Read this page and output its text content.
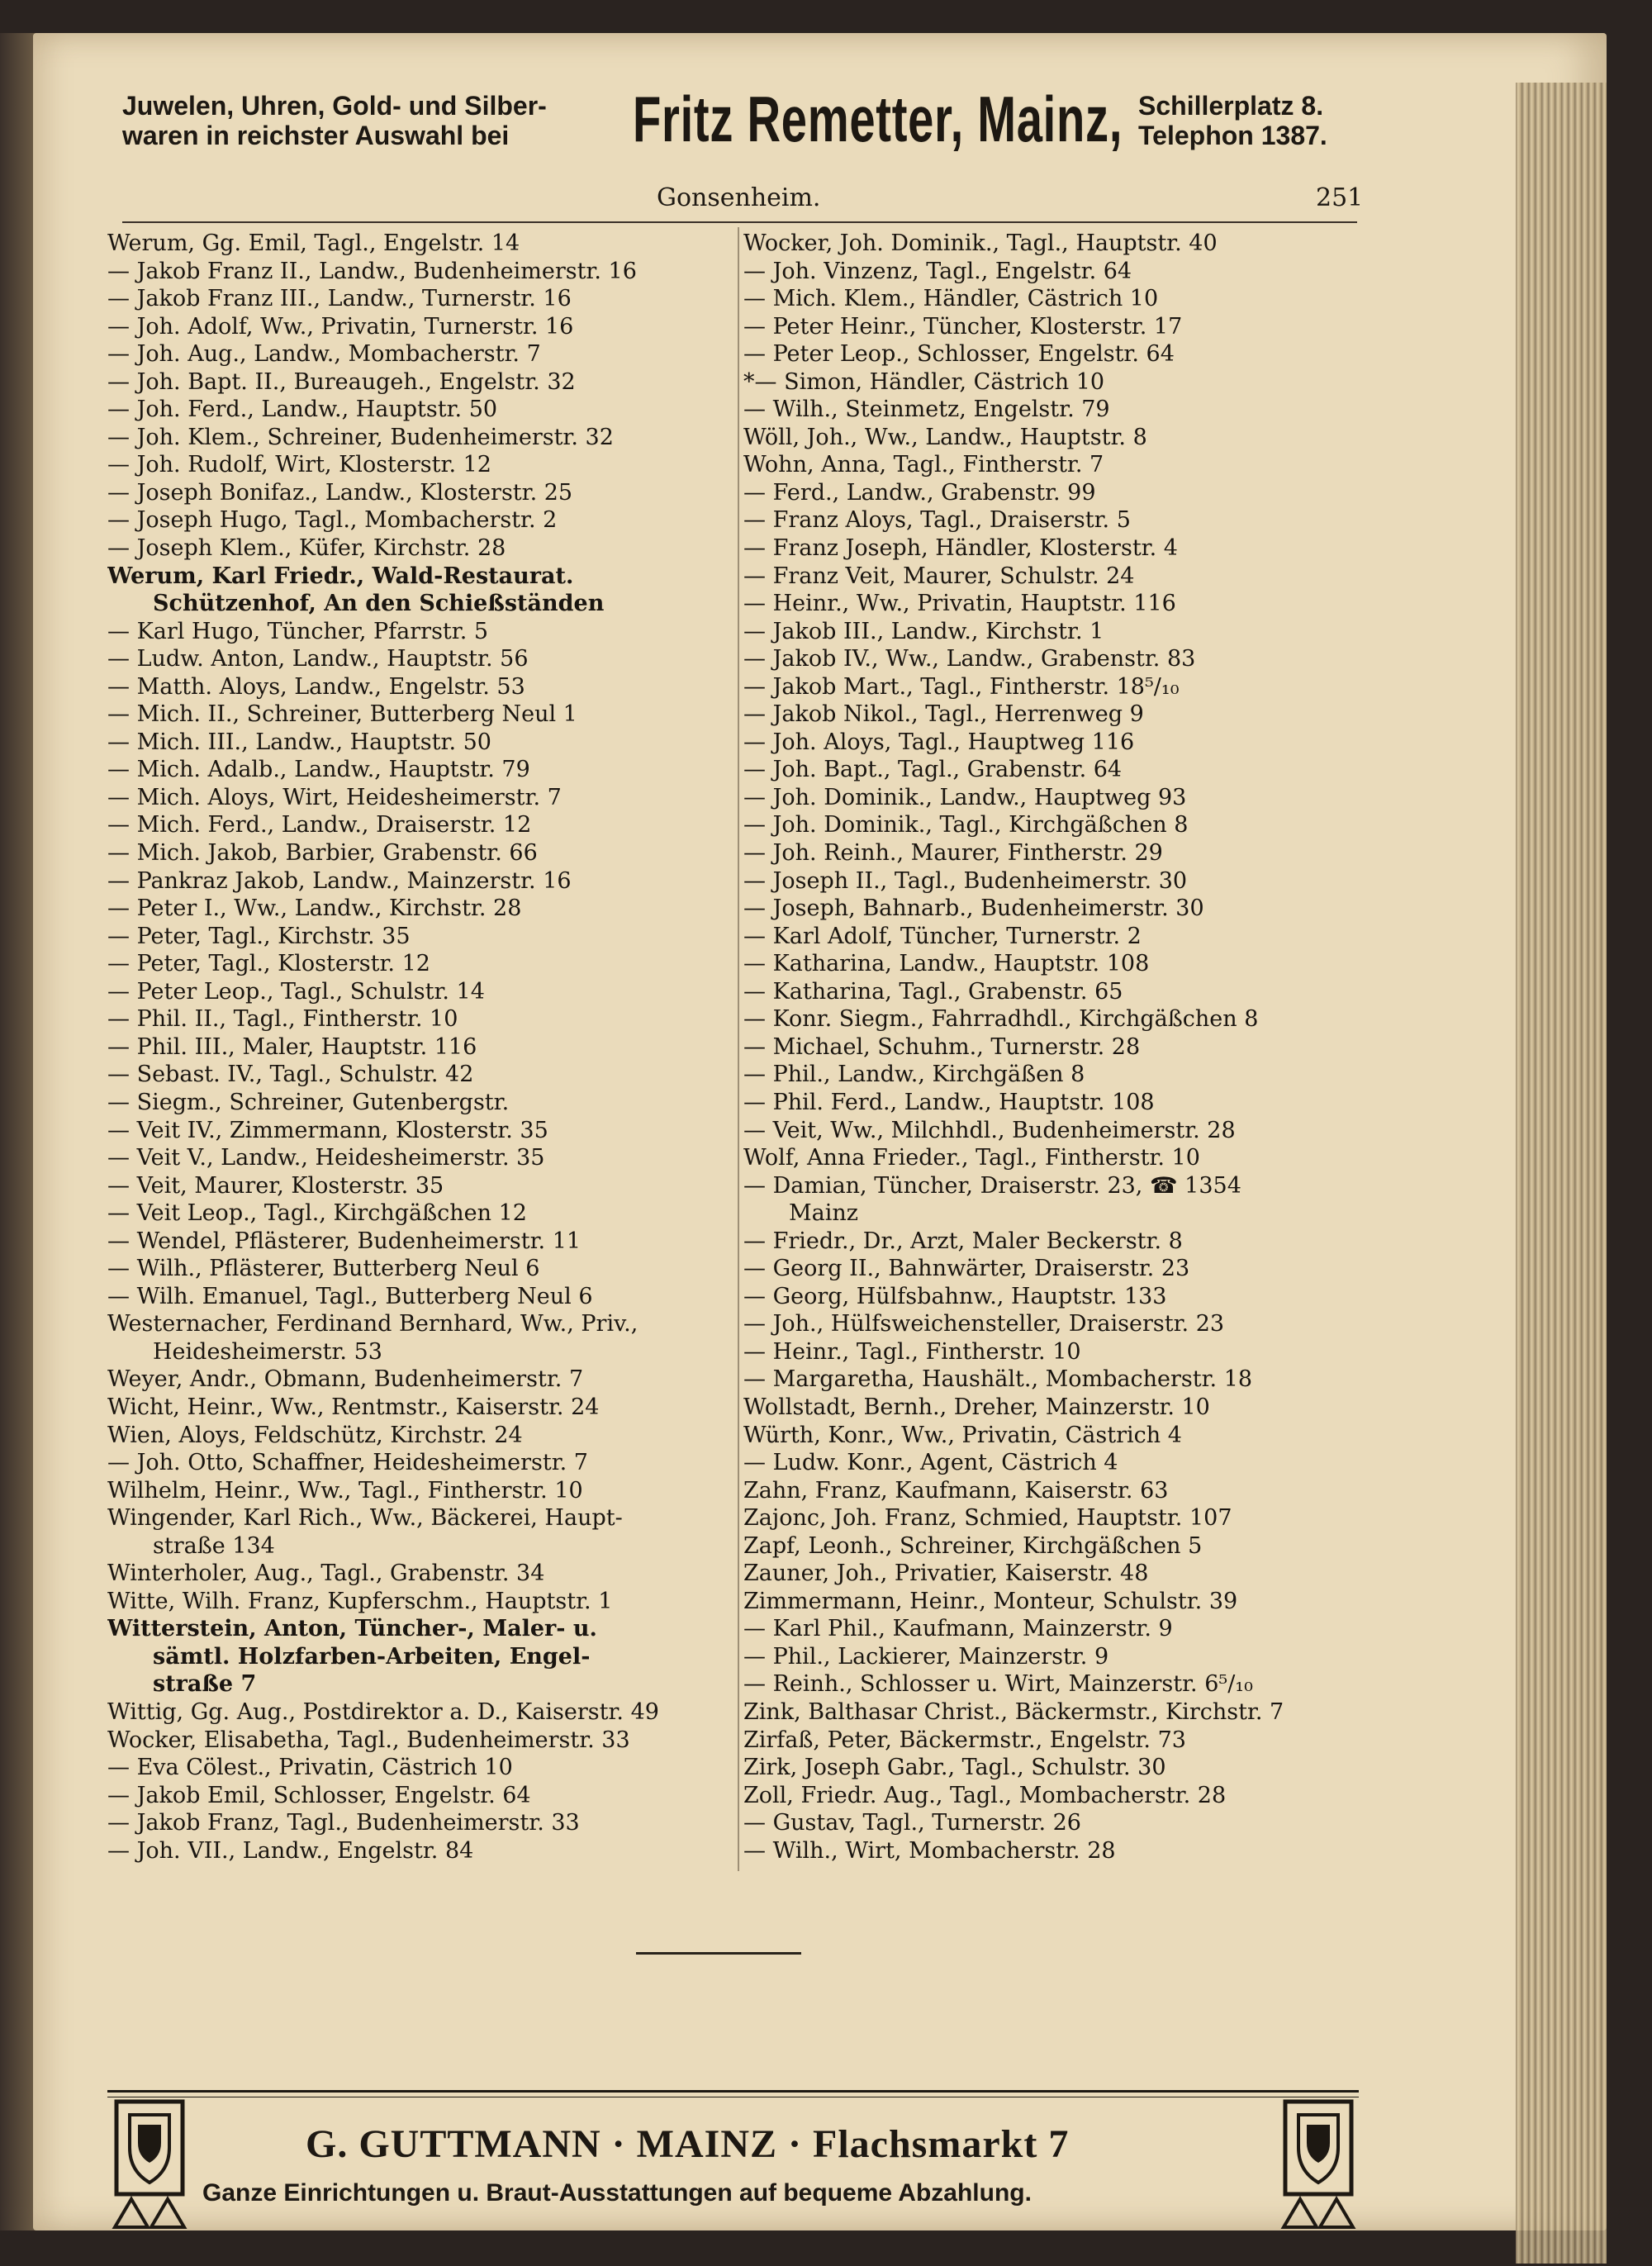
Juwelen, Uhren, Gold- und Silber-
waren in reichster Auswahl bei	Fritz Remetter, Mainz, Schillerplatz 8.
Telephon 1387.
Gonsenheim.	251
Werum, Gg. Emil, Tagl., Engelstr. 14
— Jakob Franz II., Landw., Budenheimerstr. 16
— Jakob Franz III., Landw., Turnerstr. 16
— Joh. Adolf, Ww., Privatin, Turnerstr. 16
— Joh. Aug., Landw., Mombacherstr. 7
— Joh. Bapt. II., Bureaugeh., Engelstr. 32
— Joh. Ferd., Landw., Hauptstr. 50
— Joh. Klem., Schreiner, Budenheimerstr. 32
— Joh. Rudolf, Wirt, Klosterstr. 12
— Joseph Bonifaz., Landw., Klosterstr. 25
— Joseph Hugo, Tagl., Mombacherstr. 2
— Joseph Klem., Küfer, Kirchstr. 28
Werum, Karl Friedr., Wald-Restaurat.
Schützenhof, An den Schießständen
— Karl Hugo, Tüncher, Pfarrstr. 5
— Ludw. Anton, Landw., Hauptstr. 56
— Matth. Aloys, Landw., Engelstr. 53
— Mich. II., Schreiner, Butterberg Neul 1
— Mich. III., Landw., Hauptstr. 50
— Mich. Adalb., Landw., Hauptstr. 79
— Mich. Aloys, Wirt, Heidesheimerstr. 7
— Mich. Ferd., Landw., Draiserstr. 12
— Mich. Jakob, Barbier, Grabenstr. 66
— Pankraz Jakob, Landw., Mainzerstr. 16
— Peter I., Ww., Landw., Kirchstr. 28
— Peter, Tagl., Kirchstr. 35
— Peter, Tagl., Klosterstr. 12
— Peter Leop., Tagl., Schulstr. 14
— Phil. II., Tagl., Fintherstr. 10
— Phil. III., Maler, Hauptstr. 116
— Sebast. IV., Tagl., Schulstr. 42
— Siegm., Schreiner, Gutenbergstr.
— Veit IV., Zimmermann, Klosterstr. 35
— Veit V., Landw., Heidesheimerstr. 35
— Veit, Maurer, Klosterstr. 35
— Veit Leop., Tagl., Kirchgäßchen 12
— Wendel, Pflästerer, Budenheimerstr. 11
— Wilh., Pflästerer, Butterberg Neul 6
— Wilh. Emanuel, Tagl., Butterberg Neul 6
Westernacher, Ferdinand Bernhard, Ww., Priv.,
Heidesheimerstr. 53
Weyer, Andr., Obmann, Budenheimerstr. 7
Wicht, Heinr., Ww., Rentmstr., Kaiserstr. 24
Wien, Aloys, Feldschütz, Kirchstr. 24
— Joh. Otto, Schaffner, Heidesheimerstr. 7
Wilhelm, Heinr., Ww., Tagl., Fintherstr. 10
Wingender, Karl Rich., Ww., Bäckerei, Haupt-
straße 134
Winterholer, Aug., Tagl., Grabenstr. 34
Witte, Wilh. Franz, Kupferschm., Hauptstr. 1
Witterstein, Anton, Tüncher-, Maler- u.
sämtl. Holzfarben-Arbeiten, Engel-
straße 7
Wittig, Gg. Aug., Postdirektor a. D., Kaiserstr. 49
Wocker, Elisabetha, Tagl., Budenheimerstr. 33
— Eva Cölest., Privatin, Cästrich 10
— Jakob Emil, Schlosser, Engelstr. 64
— Jakob Franz, Tagl., Budenheimerstr. 33
— Joh. VII., Landw., Engelstr. 84
Wocker, Joh. Dominik., Tagl., Hauptstr. 40
— Joh. Vinzenz, Tagl., Engelstr. 64
— Mich. Klem., Händler, Cästrich 10
— Peter Heinr., Tüncher, Klosterstr. 17
— Peter Leop., Schlosser, Engelstr. 64
*— Simon, Händler, Cästrich 10
— Wilh., Steinmetz, Engelstr. 79
Wöll, Joh., Ww., Landw., Hauptstr. 8
Wohn, Anna, Tagl., Fintherstr. 7
— Ferd., Landw., Grabenstr. 99
— Franz Aloys, Tagl., Draiserstr. 5
— Franz Joseph, Händler, Klosterstr. 4
— Franz Veit, Maurer, Schulstr. 24
— Heinr., Ww., Privatin, Hauptstr. 116
— Jakob III., Landw., Kirchstr. 1
— Jakob IV., Ww., Landw., Grabenstr. 83
— Jakob Mart., Tagl., Fintherstr. 18⁵/₁₀
— Jakob Nikol., Tagl., Herrenweg 9
— Joh. Aloys, Tagl., Hauptweg 116
— Joh. Bapt., Tagl., Grabenstr. 64
— Joh. Dominik., Landw., Hauptweg 93
— Joh. Dominik., Tagl., Kirchgäßchen 8
— Joh. Reinh., Maurer, Fintherstr. 29
— Joseph II., Tagl., Budenheimerstr. 30
— Joseph, Bahnarb., Budenheimerstr. 30
— Karl Adolf, Tüncher, Turnerstr. 2
— Katharina, Landw., Hauptstr. 108
— Katharina, Tagl., Grabenstr. 65
— Konr. Siegm., Fahrradhdl., Kirchgäßchen 8
— Michael, Schuhm., Turnerstr. 28
— Phil., Landw., Kirchgäßen 8
— Phil. Ferd., Landw., Hauptstr. 108
— Veit, Ww., Milchhdl., Budenheimerstr. 28
Wolf, Anna Frieder., Tagl., Fintherstr. 10
— Damian, Tüncher, Draiserstr. 23, ☎ 1354
Mainz
— Friedr., Dr., Arzt, Maler Beckerstr. 8
— Georg II., Bahnwärter, Draiserstr. 23
— Georg, Hülfsbahnw., Hauptstr. 133
— Joh., Hülfsweichensteller, Draiserstr. 23
— Heinr., Tagl., Fintherstr. 10
— Margaretha, Haushält., Mombacherstr. 18
Wollstadt, Bernh., Dreher, Mainzerstr. 10
Würth, Konr., Ww., Privatin, Cästrich 4
— Ludw. Konr., Agent, Cästrich 4
Zahn, Franz, Kaufmann, Kaiserstr. 63
Zajonc, Joh. Franz, Schmied, Hauptstr. 107
Zapf, Leonh., Schreiner, Kirchgäßchen 5
Zauner, Joh., Privatier, Kaiserstr. 48
Zimmermann, Heinr., Monteur, Schulstr. 39
— Karl Phil., Kaufmann, Mainzerstr. 9
— Phil., Lackierer, Mainzerstr. 9
— Reinh., Schlosser u. Wirt, Mainzerstr. 6⁵/₁₀
Zink, Balthasar Christ., Bäckermstr., Kirchstr. 7
Zirfaß, Peter, Bäckermstr., Engelstr. 73
Zirk, Joseph Gabr., Tagl., Schulstr. 30
Zoll, Friedr. Aug., Tagl., Mombacherstr. 28
— Gustav, Tagl., Turnerstr. 26
— Wilh., Wirt, Mombacherstr. 28
G. GUTTMANN · MAINZ · Flachsmarkt 7
Ganze Einrichtungen u. Braut-Ausstattungen auf bequeme Abzahlung.
